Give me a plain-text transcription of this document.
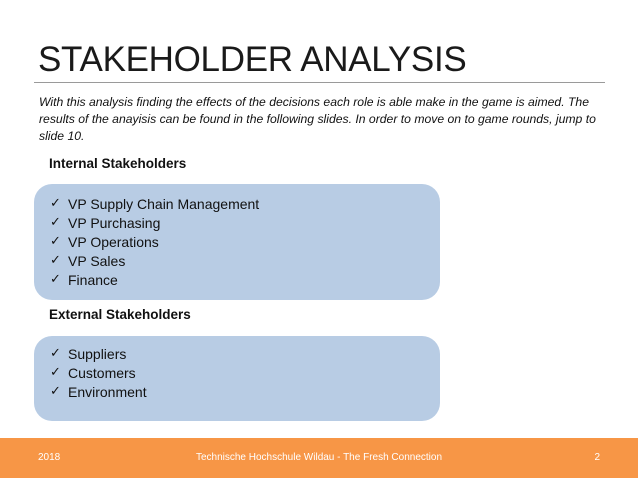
STAKEHOLDER ANALYSIS

With this analysis finding the effects of the decisions each role is able make in the game is aimed. The results of the anayisis can be found in the following slides. In order to move on to game rounds, jump to slide 10.

Internal Stakeholders
✓ VP Supply Chain Management
✓ VP Purchasing
✓ VP Operations
✓ VP Sales
✓ Finance
External Stakeholders
✓ Suppliers
✓ Customers
✓ Environment
2018	Technische Hochschule Wildau - The Fresh Connection	2
